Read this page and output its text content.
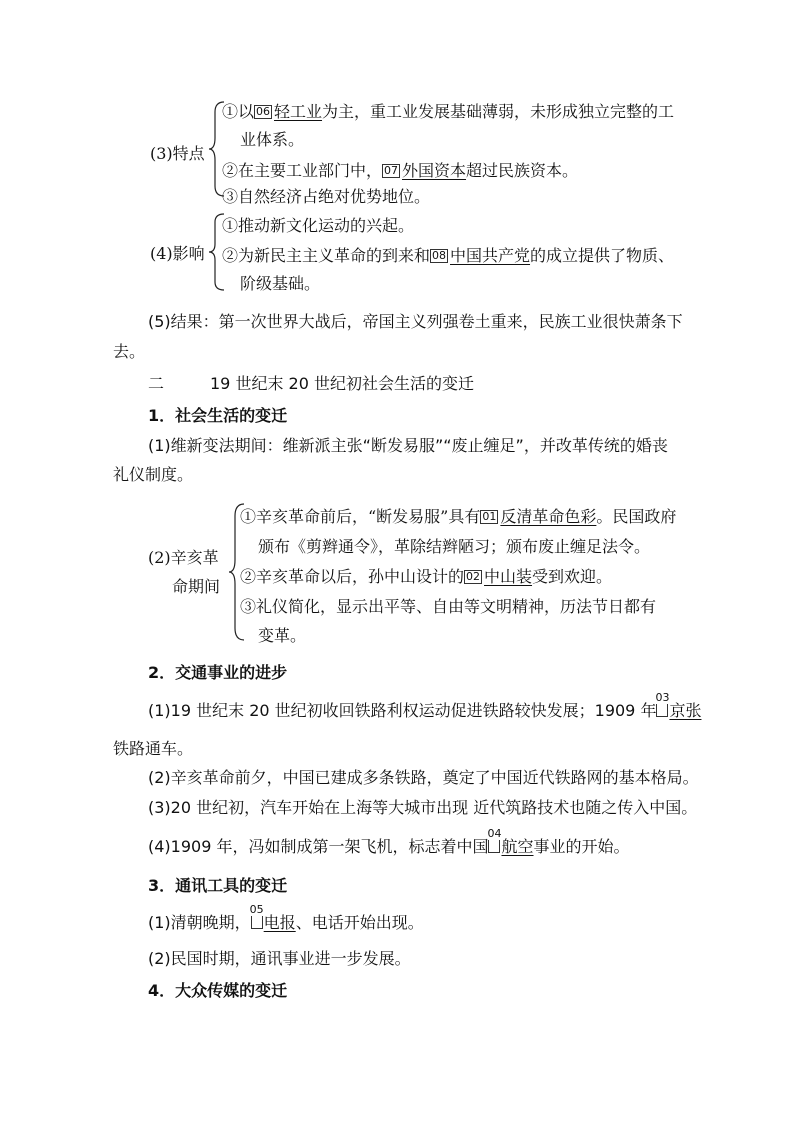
(3)特点
①以 06 轻工业为主，重工业发展基础薄弱，未形成独立完整的工
业体系。
②在主要工业部门中， 07 外国资本超过民族资本。
③自然经济占绝对优势地位。
(4)影响
①推动新文化运动的兴起。
②为新民主主义革命的到来和 08 中国共产党的成立提供了物质、
阶级基础。
(5)结果：第一次世界大战后，帝国主义列强卷土重来，民族工业很快萧条下
去。
二	19 世纪末 20 世纪初社会生活的变迁
1．社会生活的变迁
(1)维新变法期间：维新派主张“断发易服”“废止缠足”，并改革传统的婚丧
礼仪制度。
(2)辛亥革
命期间
①辛亥革命前后，“断发易服”具有 01 反清革命色彩。民国政府
颁布《剪辫通令》，革除结辫陋习；颁布废止缠足法令。
②辛亥革命以后，孙中山设计的 02 中山装受到欢迎。
③礼仪简化，显示出平等、自由等文明精神，历法节日都有
变革。
2．交通事业的进步
(1)19 世纪末 20 世纪初收回铁路利权运动促进铁路较快发展；1909 年
03
京张
铁路通车。
(2)辛亥革命前夕，中国已建成多条铁路，奠定了中国近代铁路网的基本格局。
(3)20 世纪初，汽车开始在上海等大城市出现 近代筑路技术也随之传入中国。
(4)1909 年，冯如制成第一架飞机，标志着中国
04
航空事业的开始。
3．通讯工具的变迁
(1)清朝晚期，
05
电报、电话开始出现。
(2)民国时期，通讯事业进一步发展。
4．大众传媒的变迁
